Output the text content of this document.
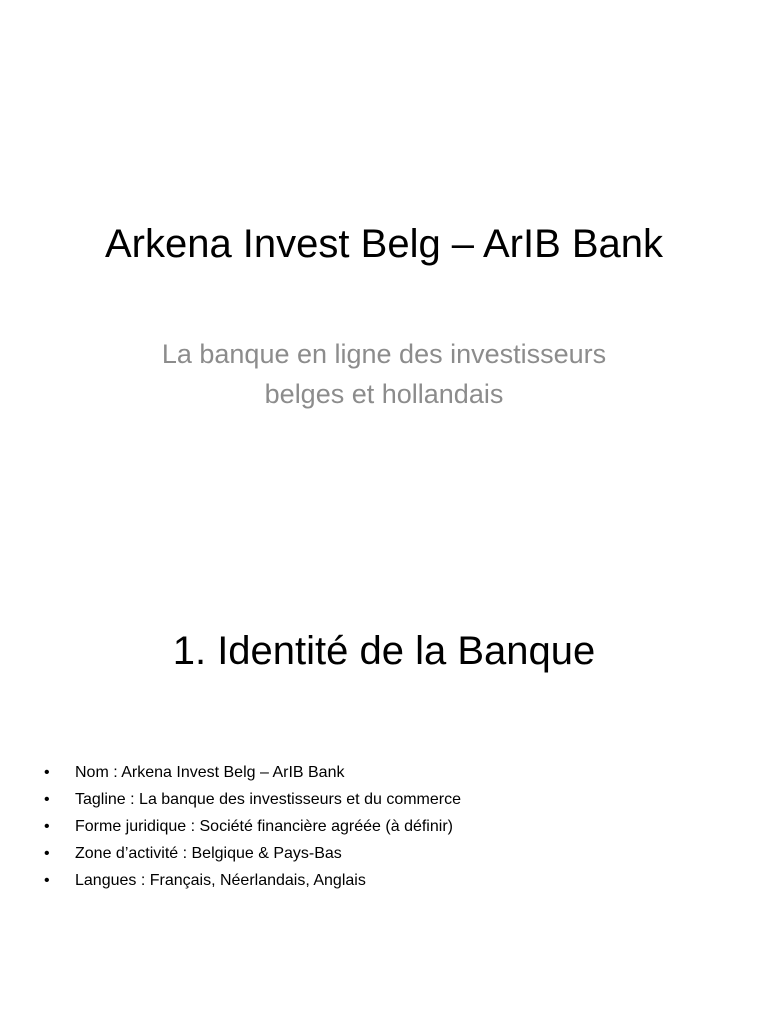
Arkena Invest Belg – ArIB Bank

La banque en ligne des investisseurs
belges et hollandais

1. Identité de la Banque
• Nom : Arkena Invest Belg – ArIB Bank
• Tagline : La banque des investisseurs et du commerce
• Forme juridique : Société financière agréée (à définir)
• Zone d’activité : Belgique & Pays-Bas
• Langues : Français, Néerlandais, Anglais
